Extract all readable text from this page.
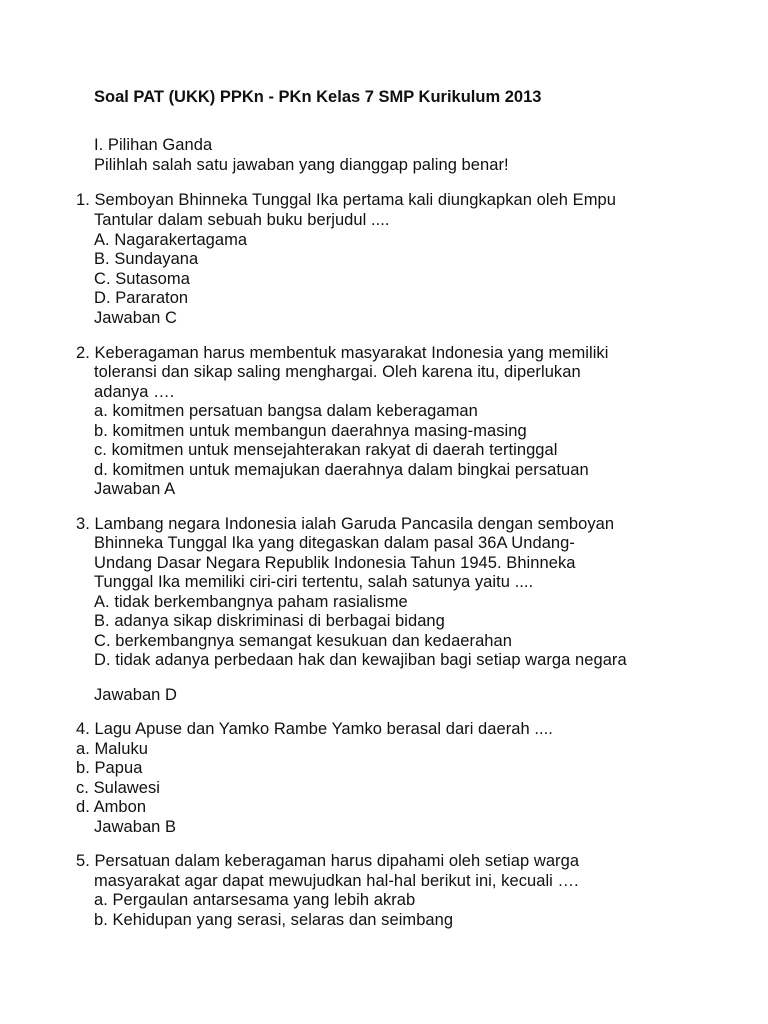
Soal PAT (UKK) PPKn - PKn Kelas 7 SMP Kurikulum 2013
I. Pilihan Ganda
Pilihlah salah satu jawaban yang dianggap paling benar!
1. Semboyan Bhinneka Tunggal Ika pertama kali diungkapkan oleh Empu
Tantular dalam sebuah buku berjudul ....
A. Nagarakertagama
B. Sundayana
C. Sutasoma
D. Pararaton
Jawaban C
2. Keberagaman harus membentuk masyarakat Indonesia yang memiliki
toleransi dan sikap saling menghargai. Oleh karena itu, diperlukan
adanya ….
a. komitmen persatuan bangsa dalam keberagaman
b. komitmen untuk membangun daerahnya masing-masing
c. komitmen untuk mensejahterakan rakyat di daerah tertinggal
d. komitmen untuk memajukan daerahnya dalam bingkai persatuan
Jawaban A
3. Lambang negara Indonesia ialah Garuda Pancasila dengan semboyan
Bhinneka Tunggal Ika yang ditegaskan dalam pasal 36A Undang-
Undang Dasar Negara Republik Indonesia Tahun 1945. Bhinneka
Tunggal Ika memiliki ciri-ciri tertentu, salah satunya yaitu ....
A. tidak berkembangnya paham rasialisme
B. adanya sikap diskriminasi di berbagai bidang
C. berkembangnya semangat kesukuan dan kedaerahan
D. tidak adanya perbedaan hak dan kewajiban bagi setiap warga negara
Jawaban D
4. Lagu Apuse dan Yamko Rambe Yamko berasal dari daerah ....
a. Maluku
b. Papua
c. Sulawesi
d. Ambon
Jawaban B
5. Persatuan dalam keberagaman harus dipahami oleh setiap warga
masyarakat agar dapat mewujudkan hal-hal berikut ini, kecuali ….
a. Pergaulan antarsesama yang lebih akrab
b. Kehidupan yang serasi, selaras dan seimbang
